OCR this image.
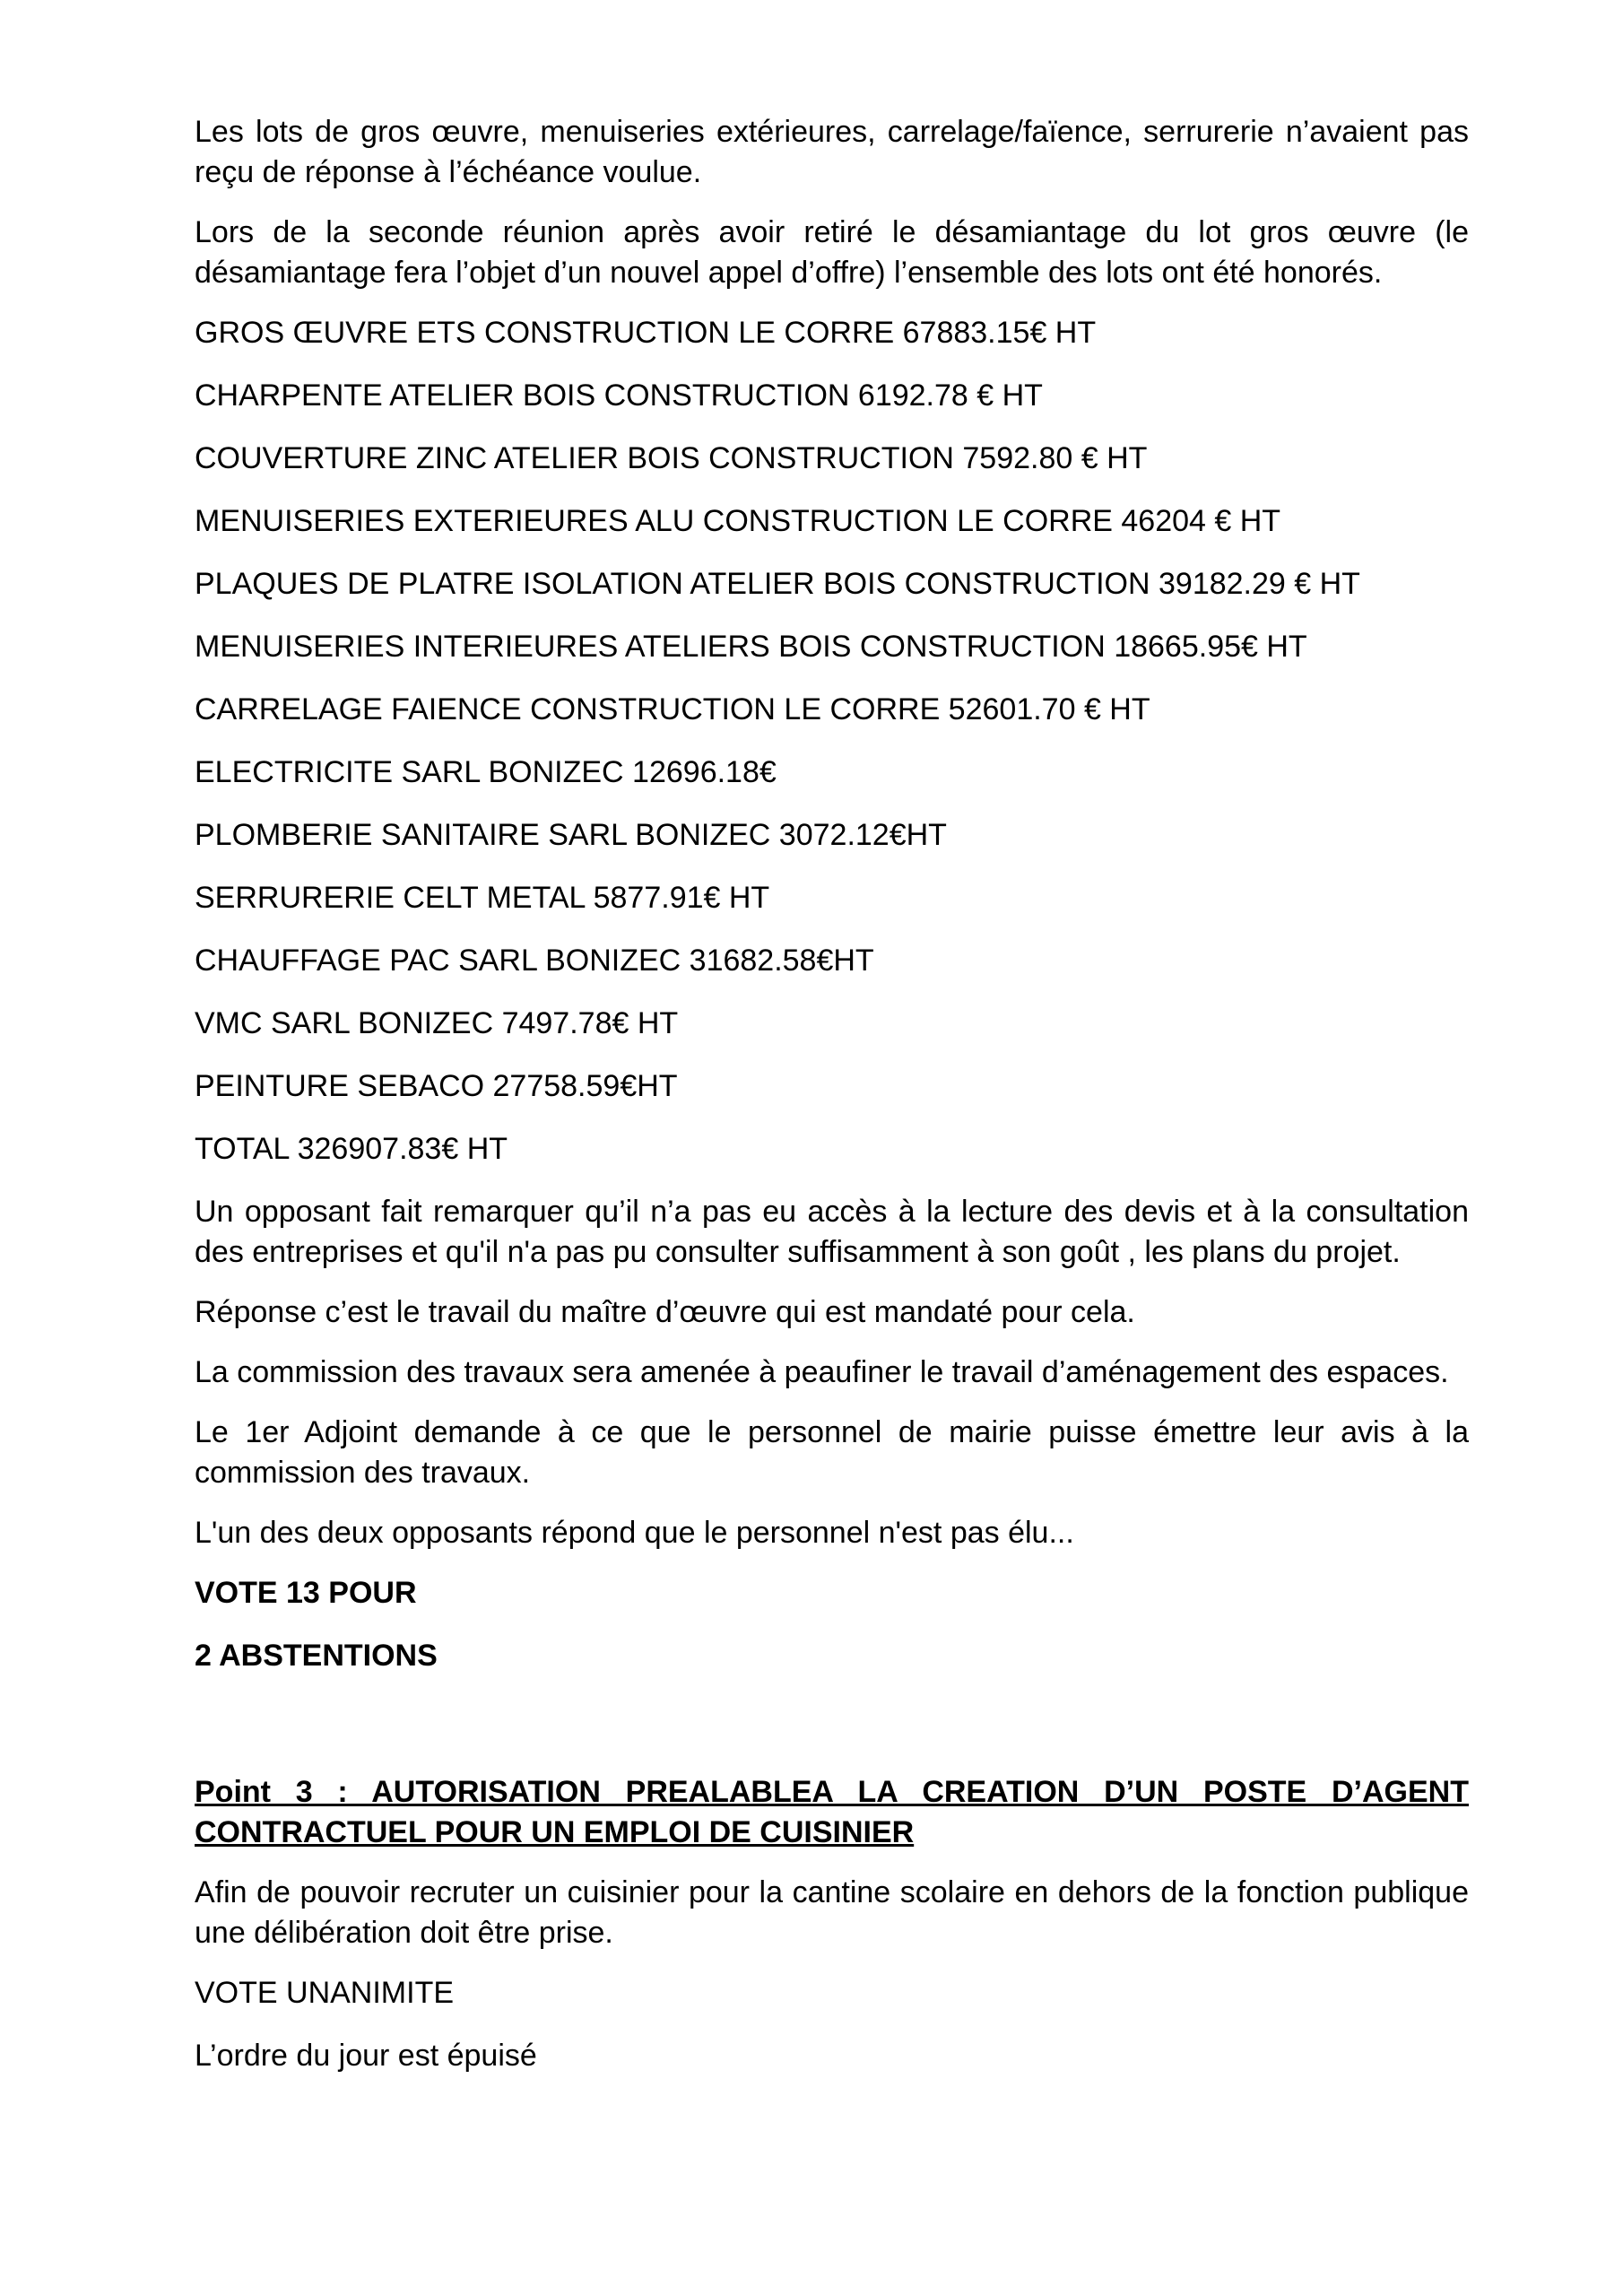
Les lots de gros œuvre, menuiseries extérieures, carrelage/faïence, serrurerie n’avaient pas reçu de réponse à l’échéance voulue.

Lors de la seconde réunion après avoir retiré le désamiantage du lot gros œuvre (le désamiantage fera l’objet d’un nouvel appel d’offre) l’ensemble des lots ont été honorés.

GROS ŒUVRE ETS CONSTRUCTION LE CORRE 67883.15€ HT

CHARPENTE ATELIER BOIS CONSTRUCTION 6192.78 € HT

COUVERTURE ZINC ATELIER BOIS CONSTRUCTION 7592.80 € HT

MENUISERIES EXTERIEURES ALU CONSTRUCTION LE CORRE 46204 € HT

PLAQUES DE PLATRE ISOLATION ATELIER BOIS CONSTRUCTION 39182.29 € HT

MENUISERIES INTERIEURES ATELIERS BOIS CONSTRUCTION 18665.95€ HT

CARRELAGE FAIENCE CONSTRUCTION LE CORRE 52601.70 € HT

ELECTRICITE SARL BONIZEC 12696.18€

PLOMBERIE SANITAIRE SARL BONIZEC 3072.12€HT

SERRURERIE CELT METAL 5877.91€ HT

CHAUFFAGE PAC SARL BONIZEC 31682.58€HT

VMC SARL BONIZEC 7497.78€ HT

PEINTURE SEBACO 27758.59€HT

TOTAL 326907.83€ HT

Un opposant fait remarquer qu’il n’a pas eu accès à la lecture des devis et à la consultation des entreprises et qu'il n'a pas pu consulter suffisamment à son goût , les plans du projet.

Réponse c’est le travail du maître d’œuvre qui est mandaté pour cela.

La commission des travaux sera amenée à peaufiner le travail d’aménagement des espaces.

Le 1er Adjoint demande à ce que le personnel de mairie puisse émettre leur avis à la commission des travaux.

L'un des deux opposants répond que le personnel n'est pas élu...

VOTE 13 POUR

2 ABSTENTIONS

Point 3 : AUTORISATION PREALABLEA LA CREATION D’UN POSTE D’AGENT
CONTRACTUEL POUR UN EMPLOI DE CUISINIER

Afin de pouvoir recruter un cuisinier pour la cantine scolaire en dehors de la fonction publique une délibération doit être prise.

VOTE UNANIMITE

L’ordre du jour est épuisé
